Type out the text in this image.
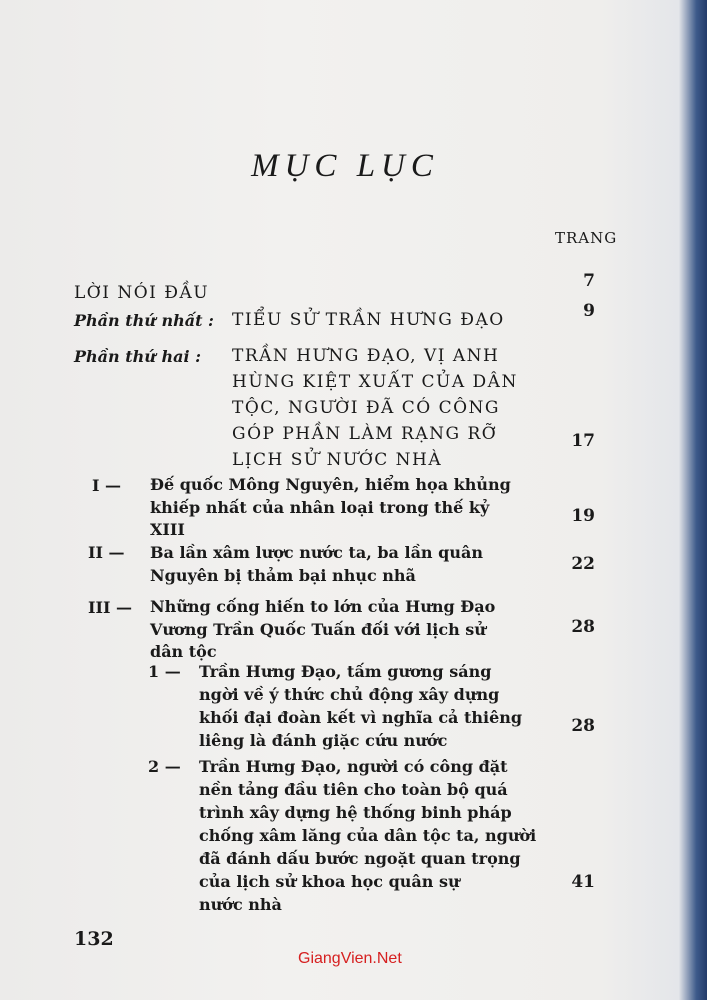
MỤC LỤC
TRANG
LỜI NÓI ĐẦU
7
Phần thứ nhất : TIỂU SỬ TRẦN HƯNG ĐẠO	9
Phần thứ hai : TRẦN HƯNG ĐẠO, VỊ ANH
HÙNG KIỆT XUẤT CỦA DÂN
TỘC, NGƯỜI ĐÃ CÓ CÔNG
GÓP PHẦN LÀM RẠNG RỠ
LỊCH SỬ NƯỚC NHÀ
17
I — Đế quốc Mông Nguyên, hiểm họa khủng
khiếp nhất của nhân loại trong thế kỷ
XIII
19
II — Ba lần xâm lược nước ta, ba lần quân
Nguyên bị thảm bại nhục nhã
22
III — Những cống hiến to lớn của Hưng Đạo
Vương Trần Quốc Tuấn đối với lịch sử
dân tộc
28
1 — Trần Hưng Đạo, tấm gương sáng
ngời về ý thức chủ động xây dựng
khối đại đoàn kết vì nghĩa cả thiêng
liêng là đánh giặc cứu nước
28
2 — Trần Hưng Đạo, người có công đặt
nền tảng đầu tiên cho toàn bộ quá
trình xây dựng hệ thống binh pháp
chống xâm lăng của dân tộc ta, người
đã đánh dấu bước ngoặt quan trọng
của lịch sử khoa học quân sự
nước nhà
41
132
GiangVien.Net
